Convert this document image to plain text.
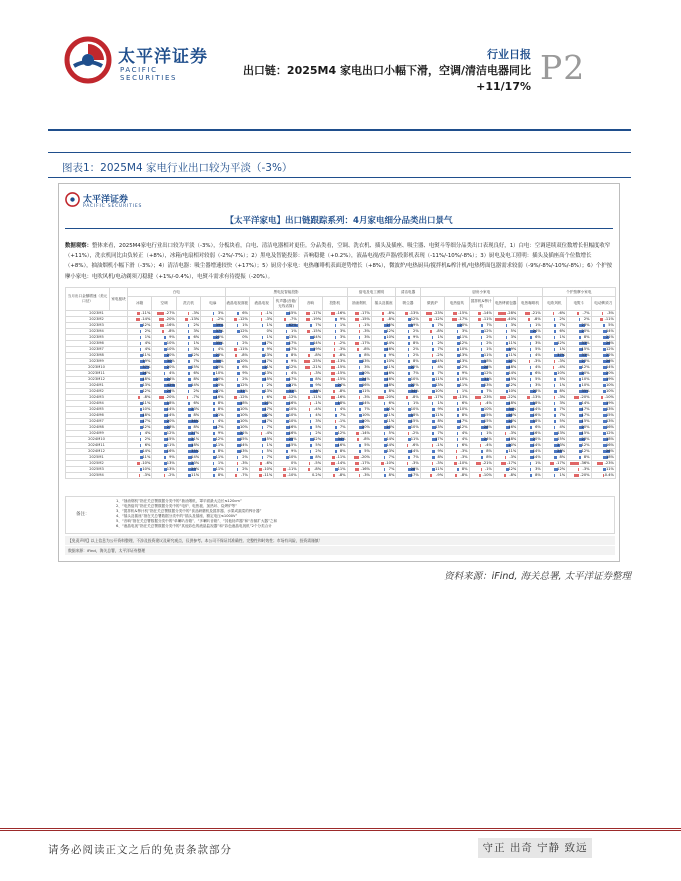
太平洋证券
PACIFIC SECURITIES
行业日报
出口链：2025M4 家电出口小幅下滑，空调/清洁电器同比+11/17% P2
图表1：2025M4 家电行业出口较为平淡（-3%）
太平洋证券
PACIFIC SECURITIES
【太平洋家电】出口链跟踪系列：4月家电细分品类出口景气
数据观察：整体来看，2025M4家电行业出口较为平淡（-3%），分板块看，白电、清洁电器相对更佳。分品类看，空调、洗衣机、插头及插座、吸尘器、电熨斗等细分品类出口表现良好，1）白电：空调延续双位数增长但幅度收窄（+11%），洗衣机同比由负转正（+8%），冰箱/电扇相对较弱（-2%/-7%）；2）黑电及智能投影：音响稳健（+0.2%），液晶电视/投声器/投影机表现（-11%/-10%/-8%）；3）厨电及电工照明：插头及插座高个位数增长（+8%），抽油烟机小幅下滑（-3%）；4）清洁电器：吸尘器增速较快（+17%）；5）厨房小家电：电热咖啡机表面逆势增长（+8%），微波炉/电热厨具/搅拌机&榨汁机/电热烤面包器需求较弱（-9%/-8%/-10%/-8%）；6）个护按摩小家电：电吹风机/电动剃须刀稳健（+1%/-0.4%），电熨斗需求有待提振（-20%）。
当月出口金额增速（美元口径）	家电板块	白电				黑电及智能投影					厨电及电工照明		清洁电器	厨房小家电					个护按摩小家电		
		冰箱	空调	洗衣机	电扇	液晶电视面板	液晶电视	传声器(音箱/无线话筒)	音响	投影机	抽油烟机	插头及插座	吸尘器	微波炉	电热厨具	搅拌机&榨汁机	电热烤面包器	电热咖啡机	电吹风机	电熨斗	电动剃须刀
2023M1		-11%	-27%	-3%	3%	6%	-1%	15%	-17%	-16%	-17%	-8%	-13%	-23%	-15%	-14%	-28%	-21%	-6%	-7%	-3%
2023M2		-14%	-20%	-13%	-2%	-12%	-3%	-7%	-19%	9%	-15%	-8%	12%	-12%	-17%	-11%	-40%	-8%	2%	2%	-11%
2023M3		12%	-16%	2%	39%	1%	1%	62%	7%	1%	-1%	25%	19%	7%	20%	7%	3%	1%	7%	23%	5%
2023M4		2%	-8%	3%	37%	12%	0%	1%	-15%	3%	-3%	12%	2%	-8%	3%	12%	5%	24%	6%	20%	14%
2023M5		1%	9%	6%	25%	0%	1%	13%	14%	3%	3%	10%	9%	1%	11%	2%	3%	6%	1%	8%	21%
2023M6		4%	10%	1%	35%	2%	17%	17%	14%	-2%	-17%	14%	8%	2%	12%	2%	11%	3%	12%	33%	26%
2023M7		4%	10%	3%	4%	-11%	9%	17%	19%	-3%	-8%	16%	2%	7%	10%	1%	19%	5%	1%	15%	12%
2023M8		11%	20%	12%	23%	-8%	13%	8%	-8%	-8%	8%	9%	2%	-2%	13%	11%	11%	4%	37%	33%	22%
2023M9		19%	30%	7%	30%	10%	17%	9%	-25%	-13%	13%	10%	8%	14%	13%	18%	23%	-3%	-3%	23%	26%
2023M10		37%	20%	15%	20%	6%	21%	12%	-21%	-15%	3%	11%	22%	4%	12%	28%	18%	4%	-4%	12%	14%
2023M11		26%	4%	6%	10%	9%	13%	4%	-3%	-15%	20%	16%	7%	7%	9%	12%	14%	6%	10%	20%	20%
2023M12		18%	24%	8%	20%	2%	15%	17%	8%	-15%	24%	16%	10%	11%	10%	31%	15%	5%	5%	10%	19%
2024M1		13%	42%	14%	20%	12%	2%	21%	9%	24%	16%	18%	22%	13%	11%	13%	12%	3%	1%	10%	10%
2024M2		12%	26%	2%	21%	31%	13%	31%	28%	-8%	11%	8%	34%	10%	1%	7%	10%	23%	8%	35%	10%
2024M3		-8%	-20%	-7%	16%	-12%	6%	-12%	-11%	-16%	-3%	-20%	-8%	-17%	-13%	-23%	-22%	-13%	-3%	-20%	-10%
2024M4		11%	18%	6%	8%	18%	23%	16%	-1%	18%	14%	6%	1%	1%	6%	-4%	18%	18%	3%	14%	19%
2024M5		10%	14%	23%	8%	10%	17%	10%	-4%	4%	7%	21%	10%	9%	10%	10%	34%	14%	7%	17%	13%
2024M6		18%	14%	8%	21%	10%	22%	10%	4%	7%	10%	11%	18%	11%	8%	15%	25%	16%	7%	17%	15%
2024M7		17%	20%	36%	4%	10%	17%	10%	3%	-1%	20%	11%	15%	8%	17%	15%	23%	18%	5%	15%	13%
2024M8		12%	23%	8%	17%	10%	7%	16%	5%	7%	20%	23%	10%	13%	12%	28%	16%	6%	4%	20%	16%
2024M9		4%	12%	27%	9%	21%	-4%	16%	2%	12%	-14%	5%	-2%	7%	4%	1%	-3%	16%	13%	15%	12%
2024M10		2%	15%	21%	12%	15%	15%	25%	12%	34%	-8%	14%	11%	17%	4%	24%	18%	20%	15%	23%	18%
2024M11		6%	11%	18%	11%	14%	1%	15%	5%	16%	5%	14%	-6%	-1%	6%	-4%	20%	14%	23%	12%	16%
2024M12		14%	16%	35%	8%	13%	5%	9%	2%	8%	5%	13%	14%	9%	-3%	8%	11%	14%	28%	12%	26%
2025M1		11%	9%	14%	11%	2%	7%	10%	8%	-11%	-20%	7%	7%	8%	-3%	8%	-3%	14%	8%	8%	18%
2025M2		-10%	13%	23%	1%	-3%	-6%	0%	-5%	-14%	-17%	-10%	-3%	-3%	-10%	-21%	-17%	1%	-17%	-36%	-23%
2025M3		10%	13%	29%	11%	2%	-10%	-11%	-8%	11%	-16%	7%	28%	11%	8%	-1%	12%	3%	12%	-3%	11%
2025M4		-3%	-2%	11%	8%	-7%	-11%	-10%	0.2%	-8%	-3%	8%	17%	-9%	-8%	-10%	-8%	8%	1%	-20%	-0.4%
备注：
1、“抽油烟机”指在关总署数据分类中的“抽油烟机，罩平面最大边长≤120cm”
2、“电热厨具”指在关总署数据分类中的“电炉、电热板、加热环、烧烤炉等”
3、“搅拌机&榨汁机”指在关总署数据分类中的“食品研磨机及搅拌器、水果或蔬菜的榨汁器”
4、“插头及插座”指在关总署数据分类中的“插头及插座，额定电压≤1000V”
5、“音响”指在关总署数据分类中的“单喇叭音箱”、“多喇叭音箱”、“其他扬声器”和“音频扩大器”之和
6、“液晶电视”指在关总署数据分类中的“其他彩色的液晶监视器”和“彩色液晶电视机”2个分类合计
【免责声明】以上信息为公开资料整理，不涉及投资建议及研究观点，仅供参考。本公司不保证其准确性、完整性和时效性；市场有风险，投资需谨慎！
数据来源：iFind，海关总署，太平洋证券整理
资料来源：iFind, 海关总署, 太平洋证券整理
请务必阅读正文之后的免责条款部分	守正 出奇 宁静 致远
